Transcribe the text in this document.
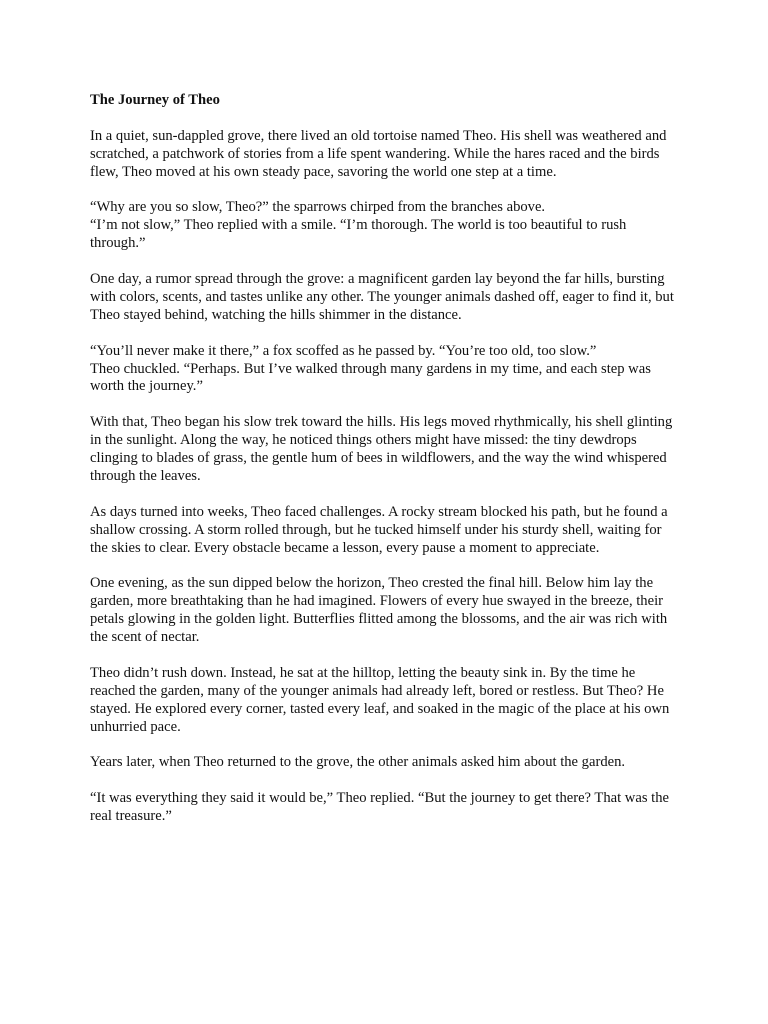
The Journey of Theo

In a quiet, sun-dappled grove, there lived an old tortoise named Theo. His shell was weathered and scratched, a patchwork of stories from a life spent wandering. While the hares raced and the birds flew, Theo moved at his own steady pace, savoring the world one step at a time.

“Why are you so slow, Theo?” the sparrows chirped from the branches above.
“I’m not slow,” Theo replied with a smile. “I’m thorough. The world is too beautiful to rush through.”

One day, a rumor spread through the grove: a magnificent garden lay beyond the far hills, bursting with colors, scents, and tastes unlike any other. The younger animals dashed off, eager to find it, but Theo stayed behind, watching the hills shimmer in the distance.

“You’ll never make it there,” a fox scoffed as he passed by. “You’re too old, too slow.”
Theo chuckled. “Perhaps. But I’ve walked through many gardens in my time, and each step was worth the journey.”

With that, Theo began his slow trek toward the hills. His legs moved rhythmically, his shell glinting in the sunlight. Along the way, he noticed things others might have missed: the tiny dewdrops clinging to blades of grass, the gentle hum of bees in wildflowers, and the way the wind whispered through the leaves.

As days turned into weeks, Theo faced challenges. A rocky stream blocked his path, but he found a shallow crossing. A storm rolled through, but he tucked himself under his sturdy shell, waiting for the skies to clear. Every obstacle became a lesson, every pause a moment to appreciate.

One evening, as the sun dipped below the horizon, Theo crested the final hill. Below him lay the garden, more breathtaking than he had imagined. Flowers of every hue swayed in the breeze, their petals glowing in the golden light. Butterflies flitted among the blossoms, and the air was rich with the scent of nectar.

Theo didn’t rush down. Instead, he sat at the hilltop, letting the beauty sink in. By the time he reached the garden, many of the younger animals had already left, bored or restless. But Theo? He stayed. He explored every corner, tasted every leaf, and soaked in the magic of the place at his own unhurried pace.

Years later, when Theo returned to the grove, the other animals asked him about the garden.

“It was everything they said it would be,” Theo replied. “But the journey to get there? That was the real treasure.”
